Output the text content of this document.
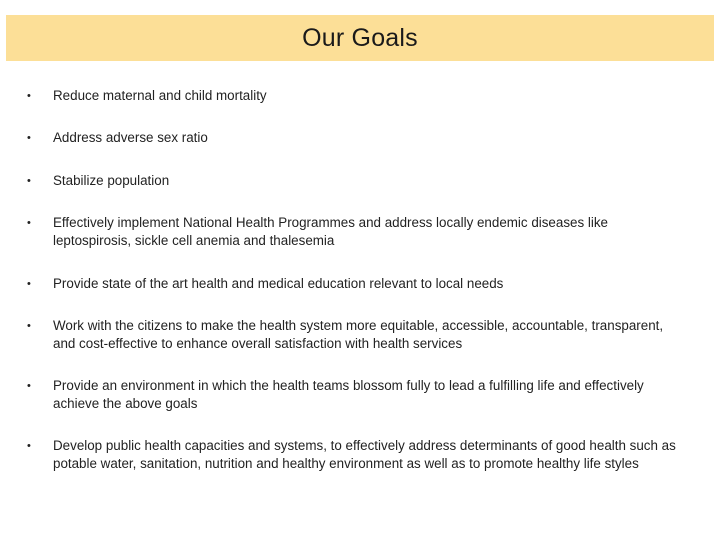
Our Goals
•	Reduce maternal and child mortality
•	Address adverse sex ratio
•	Stabilize population
•	Effectively implement National Health Programmes and address locally endemic diseases like leptospirosis, sickle cell anemia and thalesemia
•	Provide state of the art health and medical education relevant to local needs
•	Work with the citizens to make the health system more equitable, accessible, accountable, transparent, and cost-effective to enhance overall satisfaction with health services
•	Provide an environment in which the health teams blossom fully to lead a fulfilling life and effectively achieve the above goals
•	Develop public health capacities and systems, to effectively address determinants of good health such as potable water, sanitation, nutrition and healthy environment as well as to promote healthy life styles
